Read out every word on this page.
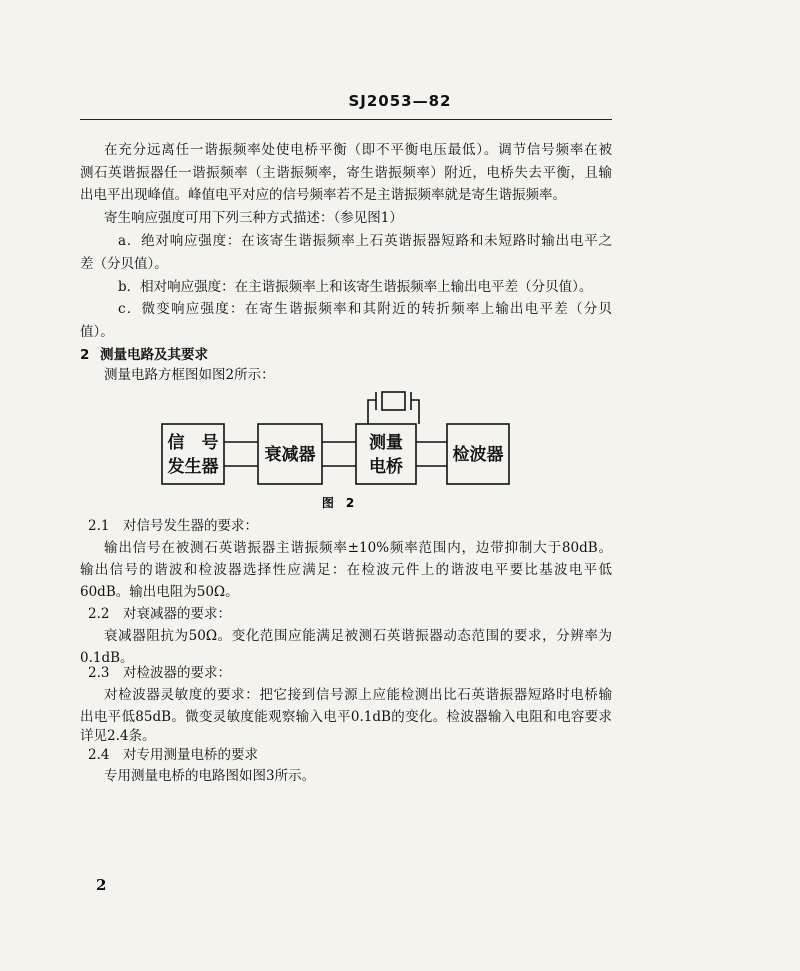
SJ2053—82
在充分远离任一谐振频率处使电桥平衡（即不平衡电压最低）。调节信号频率在被
测石英谐振器任一谐振频率（主谐振频率，寄生谐振频率）附近，电桥失去平衡，且输
出电平出现峰值。峰值电平对应的信号频率若不是主谐振频率就是寄生谐振频率。
寄生响应强度可用下列三种方式描述：（参见图1）
a．绝对响应强度：在该寄生谐振频率上石英谐振器短路和未短路时输出电平之
差（分贝值）。
b．相对响应强度：在主谐振频率上和该寄生谐振频率上输出电平差（分贝值）。
c．微变响应强度：在寄生谐振频率和其附近的转折频率上输出电平差（分贝
值）。
2 测量电路及其要求
测量电路方框图如图2所示：
信　号
发生器
衰减器
测量
电桥
检波器
图　2
2.1　对信号发生器的要求：
输出信号在被测石英谐振器主谐振频率±10%频率范围内，边带抑制大于80dB。
输出信号的谐波和检波器选择性应满足：在检波元件上的谐波电平要比基波电平低
60dB。输出电阻为50Ω。
2.2　对衰减器的要求：
衰减器阻抗为50Ω。变化范围应能满足被测石英谐振器动态范围的要求，分辨率为
0.1dB。
2.3　对检波器的要求：
对检波器灵敏度的要求：把它接到信号源上应能检测出比石英谐振器短路时电桥输
出电平低85dB。微变灵敏度能观察输入电平0.1dB的变化。检波器输入电阻和电容要求
详见2.4条。
2.4　对专用测量电桥的要求
专用测量电桥的电路图如图3所示。
2
